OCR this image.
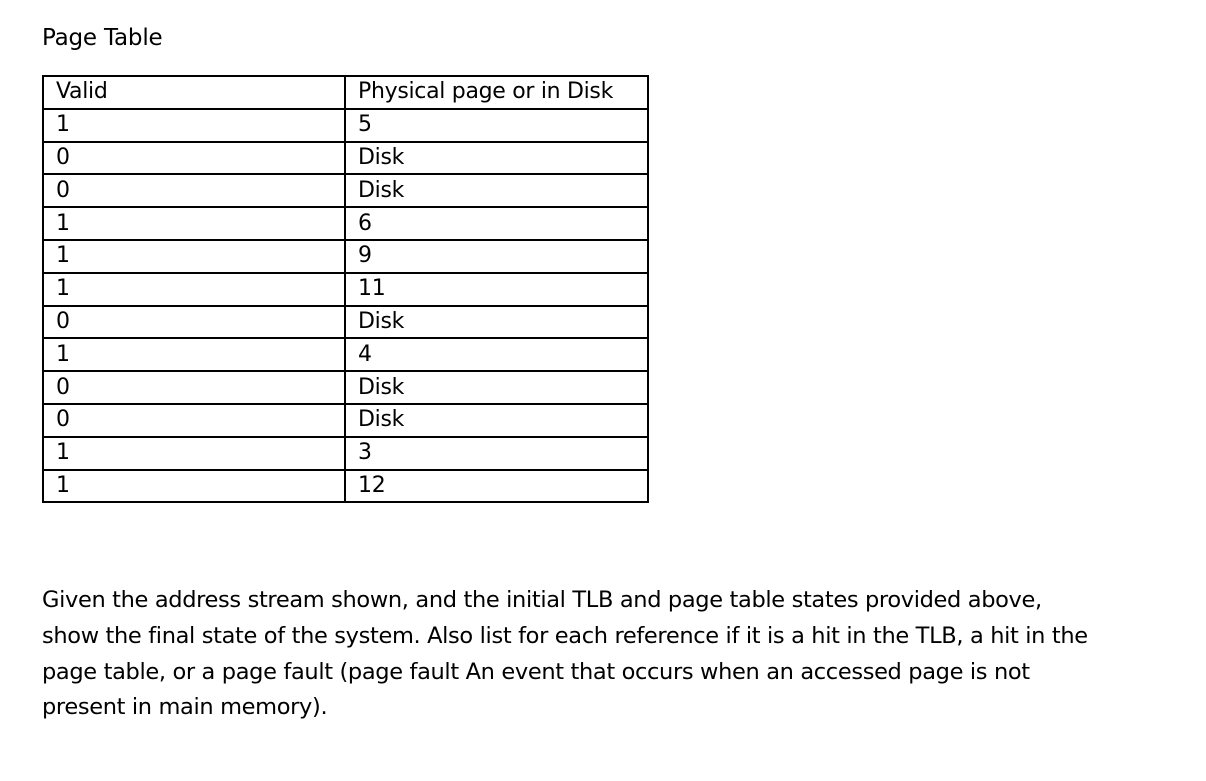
Page Table
Valid	Physical page or in Disk
1	5
0	Disk
0	Disk
1	6
1	9
1	11
0	Disk
1	4
0	Disk
0	Disk
1	3
1	12

Given the address stream shown, and the initial TLB and page table states provided above,
show the final state of the system. Also list for each reference if it is a hit in the TLB, a hit in the
page table, or a page fault (page fault An event that occurs when an accessed page is not
present in main memory).
